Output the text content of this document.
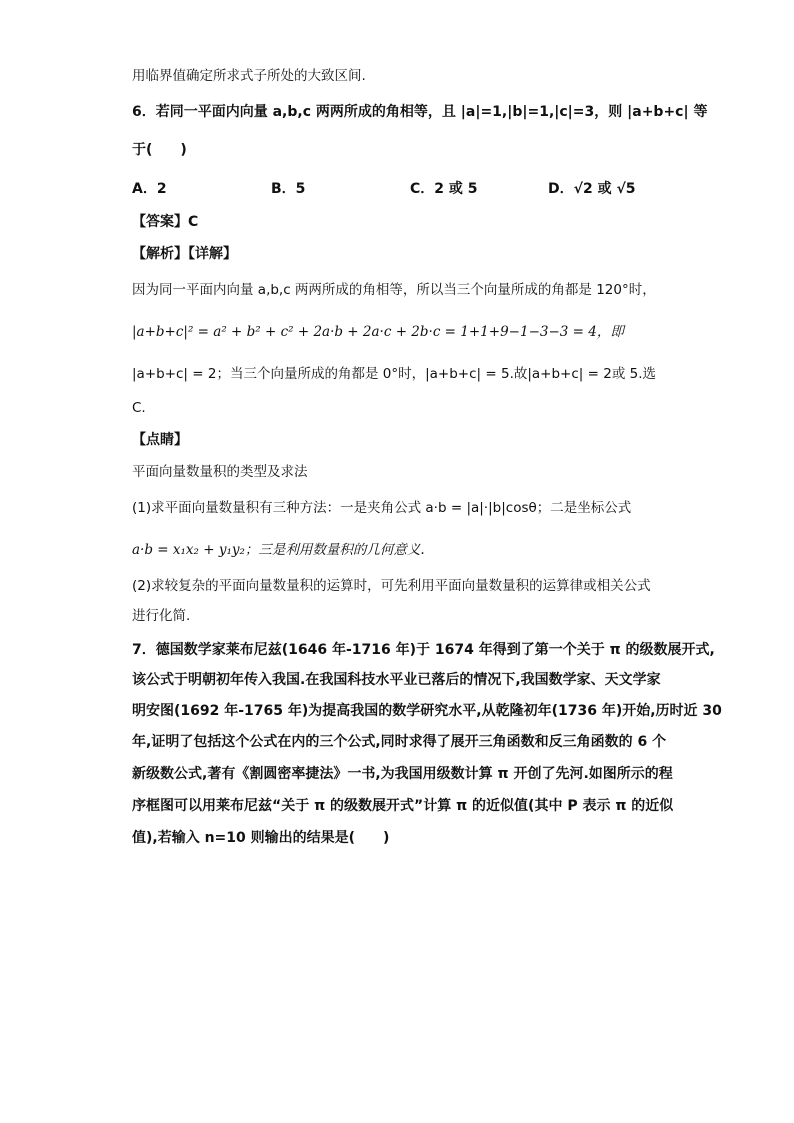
用临界值确定所求式子所处的大致区间.
6．若同一平面内向量 a,b,c 两两所成的角相等，且 |a|=1,|b|=1,|c|=3，则 |a+b+c| 等
于(　　)
A．2	B．5	C．2 或 5	D．√2 或 √5
【答案】C
【解析】【详解】
因为同一平面内向量 a,b,c 两两所成的角相等，所以当三个向量所成的角都是 120°时，
|a+b+c|² = a² + b² + c² + 2a·b + 2a·c + 2b·c = 1+1+9−1−3−3 = 4，即
|a+b+c| = 2；当三个向量所成的角都是 0°时，|a+b+c| = 5.故|a+b+c| = 2或 5.选
C.
【点睛】
平面向量数量积的类型及求法
(1)求平面向量数量积有三种方法：一是夹角公式 a·b = |a|·|b|cosθ；二是坐标公式
a·b = x₁x₂ + y₁y₂；三是利用数量积的几何意义.
(2)求较复杂的平面向量数量积的运算时，可先利用平面向量数量积的运算律或相关公式
进行化简.
7．德国数学家莱布尼兹(1646 年-1716 年)于 1674 年得到了第一个关于 π 的级数展开式,
该公式于明朝初年传入我国.在我国科技水平业已落后的情况下,我国数学家、天文学家
明安图(1692 年-1765 年)为提高我国的数学研究水平,从乾隆初年(1736 年)开始,历时近 30
年,证明了包括这个公式在内的三个公式,同时求得了展开三角函数和反三角函数的 6 个
新级数公式,著有《割圆密率捷法》一书,为我国用级数计算 π 开创了先河.如图所示的程
序框图可以用莱布尼兹“关于 π 的级数展开式”计算 π 的近似值(其中 P 表示 π 的近似
值),若输入 n=10 则输出的结果是(　　)
